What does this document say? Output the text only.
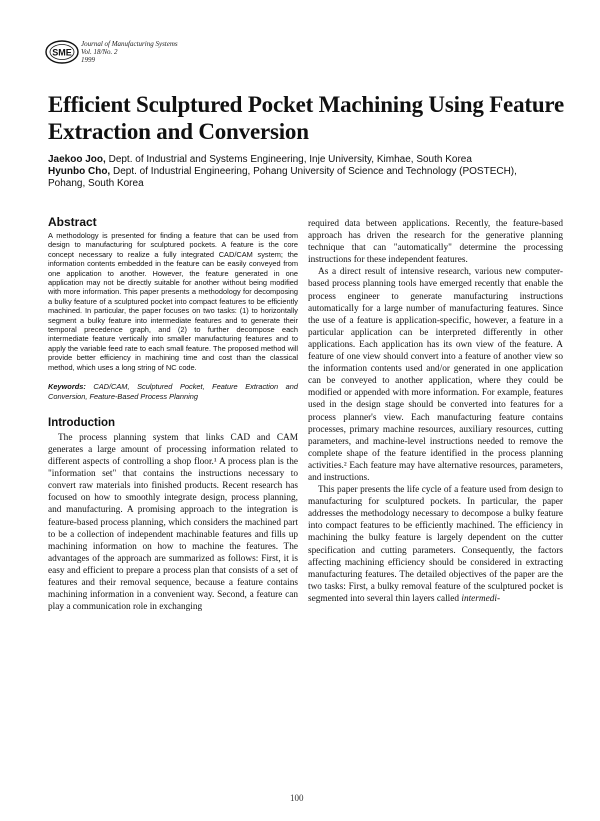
SME
Journal of Manufacturing Systems
Vol. 18/No. 2
1999
Efficient Sculptured Pocket Machining Using Feature Extraction and Conversion
Jaekoo Joo, Dept. of Industrial and Systems Engineering, Inje University, Kimhae, South Korea
Hyunbo Cho, Dept. of Industrial Engineering, Pohang University of Science and Technology (POSTECH),
Pohang, South Korea
Abstract

A methodology is presented for finding a feature that can be used from design to manufacturing for sculptured pockets. A feature is the core concept necessary to realize a fully integrated CAD/CAM system; the information contents embedded in the feature can be easily conveyed from one application to another. However, the feature generated in one application may not be directly suitable for another without being modified with more information. This paper presents a methodology for decomposing a bulky feature of a sculptured pocket into compact features to be efficiently machined. In particular, the paper focuses on two tasks: (1) to horizontally segment a bulky feature into intermediate features and to generate their temporal precedence graph, and (2) to further decompose each intermediate feature vertically into smaller manufacturing features and to apply the variable feed rate to each small feature. The proposed method will provide better efficiency in machining time and cost than the classical method, which uses a long string of NC code.

Keywords: CAD/CAM, Sculptured Pocket, Feature Extraction and Conversion, Feature-Based Process Planning

Introduction

The process planning system that links CAD and CAM generates a large amount of processing information related to different aspects of controlling a shop floor.¹ A process plan is the "information set" that contains the instructions necessary to convert raw materials into finished products. Recent research has focused on how to smoothly integrate design, process planning, and manufacturing. A promising approach to the integration is feature-based process planning, which considers the machined part to be a collection of independent machinable features and fills up machining information on how to machine the features. The advantages of the approach are summarized as follows: First, it is easy and efficient to prepare a process plan that consists of a set of features and their removal sequence, because a feature contains machining information in a convenient way. Second, a feature can play a communication role in exchanging

required data between applications. Recently, the feature-based approach has driven the research for the generative planning technique that can "automatically" determine the processing instructions for these independent features.

As a direct result of intensive research, various new computer-based process planning tools have emerged recently that enable the process engineer to generate manufacturing instructions automatically for a large number of manufacturing features. Since the use of a feature is application-specific, however, a feature in a particular application can be interpreted differently in other applications. Each application has its own view of the feature. A feature of one view should convert into a feature of another view so the information contents used and/or generated in one application can be conveyed to another application, where they could be modified or appended with more information. For example, features used in the design stage should be converted into features for a process planner's view. Each manufacturing feature contains processes, primary machine resources, auxiliary resources, cutting parameters, and machine-level instructions needed to remove the complete shape of the feature identified in the process planning activities.² Each feature may have alternative resources, parameters, and instructions.

This paper presents the life cycle of a feature used from design to manufacturing for sculptured pockets. In particular, the paper addresses the methodology necessary to decompose a bulky feature into compact features to be efficiently machined. The efficiency in machining the bulky feature is largely dependent on the cutter specification and cutting parameters. Consequently, the factors affecting machining efficiency should be considered in extracting manufacturing features. The detailed objectives of the paper are the two tasks: First, a bulky removal feature of the sculptured pocket is segmented into several thin layers called intermedi-

100
